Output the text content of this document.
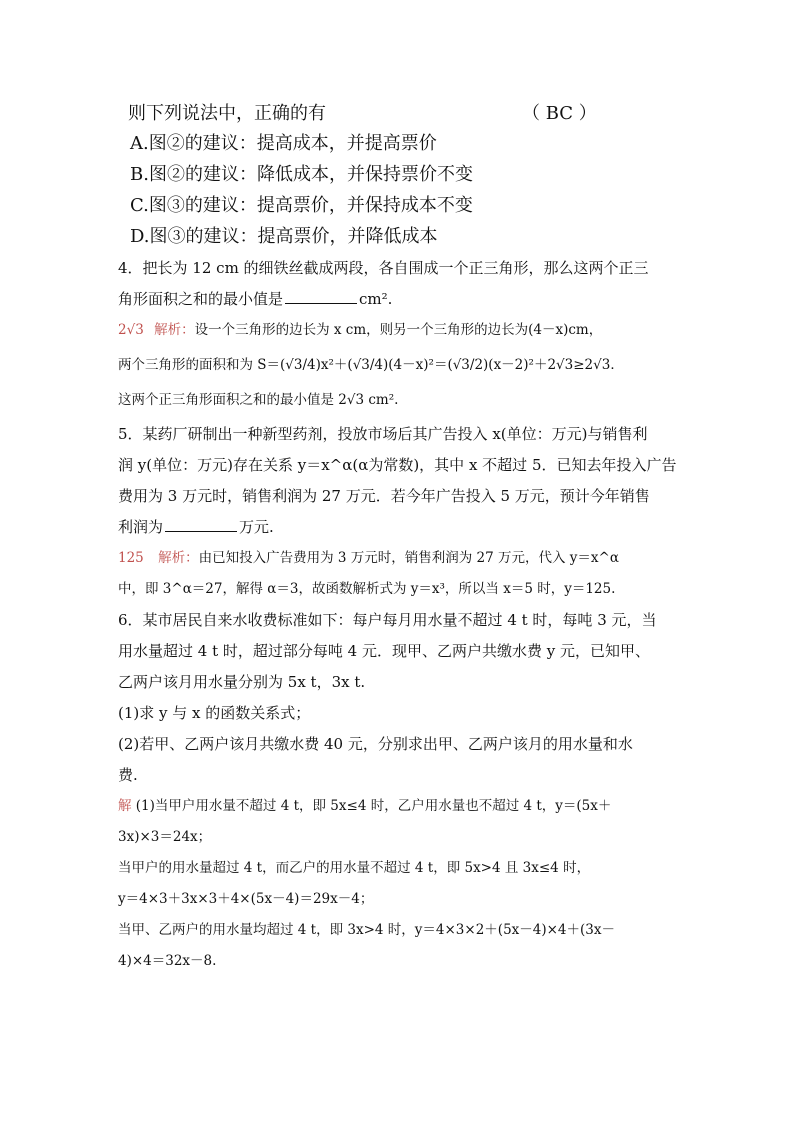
则下列说法中，正确的有	（ BC ）
A.图②的建议：提高成本，并提高票价
B.图②的建议：降低成本，并保持票价不变
C.图③的建议：提高票价，并保持成本不变
D.图③的建议：提高票价，并降低成本
4．把长为 12 cm 的细铁丝截成两段，各自围成一个正三角形，那么这两个正三
角形面积之和的最小值是	cm².
2√3 解析：设一个三角形的边长为 x cm，则另一个三角形的边长为(4－x)cm，
两个三角形的面积和为 S＝(√3/4)x²＋(√3/4)(4－x)²＝(√3/2)(x－2)²＋2√3≥2√3．
这两个正三角形面积之和的最小值是 2√3 cm².
5．某药厂研制出一种新型药剂，投放市场后其广告投入 x(单位：万元)与销售利
润 y(单位：万元)存在关系 y＝x^α(α为常数)，其中 x 不超过 5．已知去年投入广告
费用为 3 万元时，销售利润为 27 万元．若今年广告投入 5 万元，预计今年销售
利润为	万元.
125 解析：由已知投入广告费用为 3 万元时，销售利润为 27 万元，代入 y＝x^α
中，即 3^α＝27，解得 α＝3，故函数解析式为 y＝x³，所以当 x＝5 时，y＝125.
6．某市居民自来水收费标准如下：每户每月用水量不超过 4 t 时，每吨 3 元，当
用水量超过 4 t 时，超过部分每吨 4 元．现甲、乙两户共缴水费 y 元，已知甲、
乙两户该月用水量分别为 5x t，3x t.
(1)求 y 与 x 的函数关系式；
(2)若甲、乙两户该月共缴水费 40 元，分别求出甲、乙两户该月的用水量和水
费.
解 (1)当甲户用水量不超过 4 t，即 5x≤4 时，乙户用水量也不超过 4 t，y＝(5x＋
3x)×3＝24x；
当甲户的用水量超过 4 t，而乙户的用水量不超过 4 t，即 5x>4 且 3x≤4 时，
y＝4×3＋3x×3＋4×(5x－4)＝29x－4；
当甲、乙两户的用水量均超过 4 t，即 3x>4 时，y＝4×3×2＋(5x－4)×4＋(3x－
4)×4＝32x－8.
